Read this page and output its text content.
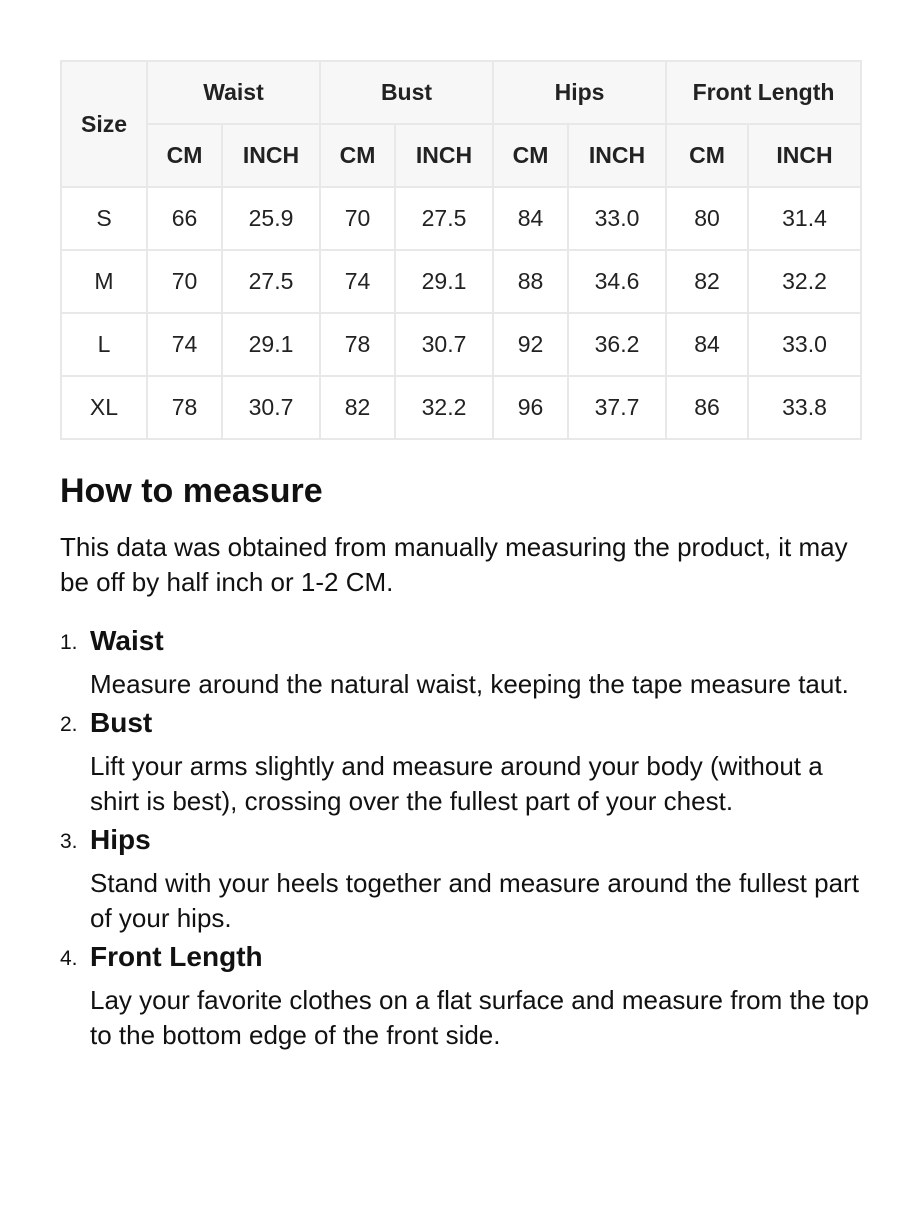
Size	Waist		Bust		Hips		Front Length	
	CM	INCH	CM	INCH	CM	INCH	CM	INCH
S	66	25.9	70	27.5	84	33.0	80	31.4
M	70	27.5	74	29.1	88	34.6	82	32.2
L	74	29.1	78	30.7	92	36.2	84	33.0
XL	78	30.7	82	32.2	96	37.7	86	33.8
How to measure

This data was obtained from manually measuring the product, it may be off by half inch or 1-2 CM.

1. Waist
Measure around the natural waist, keeping the tape measure taut.
2. Bust
Lift your arms slightly and measure around your body (without a shirt is best), crossing over the fullest part of your chest.
3. Hips
Stand with your heels together and measure around the fullest part of your hips.
4. Front Length
Lay your favorite clothes on a flat surface and measure from the top to the bottom edge of the front side.
